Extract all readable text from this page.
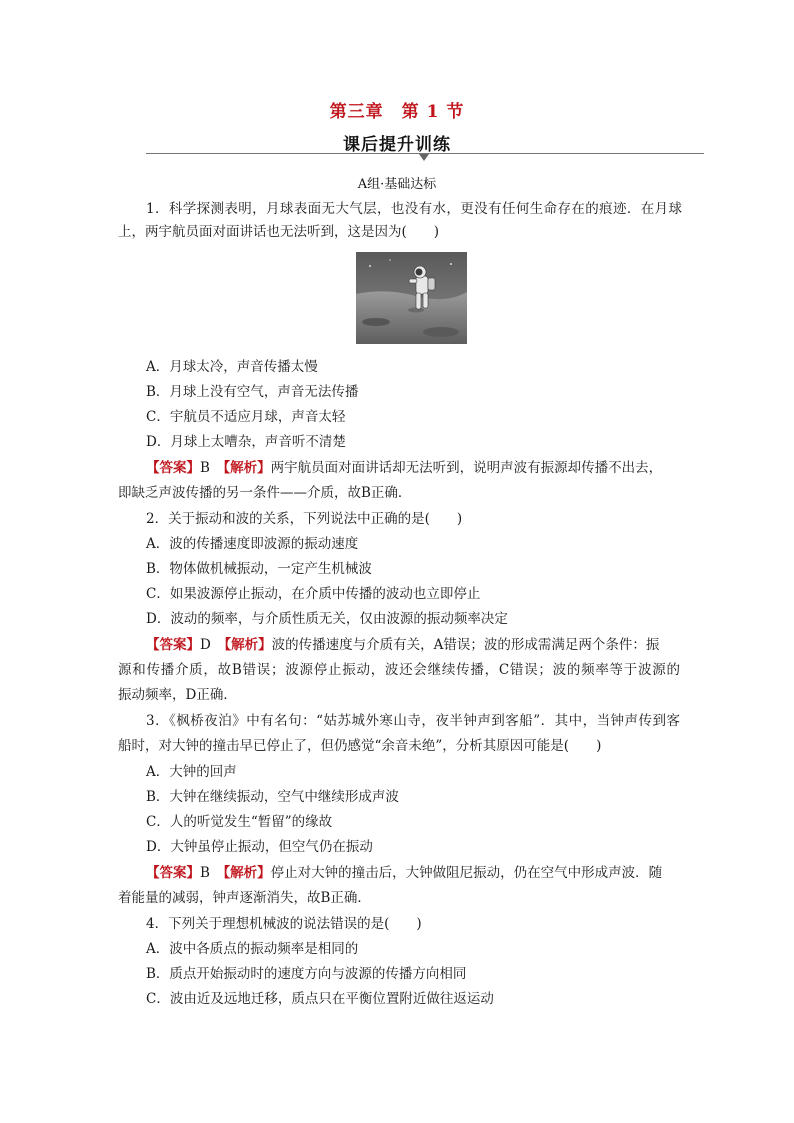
第三章　第 1 节
课后提升训练
A组·基础达标
1．科学探测表明，月球表面无大气层，也没有水，更没有任何生命存在的痕迹．在月球
上，两宇航员面对面讲话也无法听到，这是因为(　　)
A．月球太冷，声音传播太慢
B．月球上没有空气，声音无法传播
C．宇航员不适应月球，声音太轻
D．月球上太嘈杂，声音听不清楚
【答案】B　 【解析】两宇航员面对面讲话却无法听到，说明声波有振源却传播不出去，
即缺乏声波传播的另一条件——介质，故B正确．
2．关于振动和波的关系，下列说法中正确的是(　　)
A．波的传播速度即波源的振动速度
B．物体做机械振动，一定产生机械波
C．如果波源停止振动，在介质中传播的波动也立即停止
D．波动的频率，与介质性质无关，仅由波源的振动频率决定
【答案】D　 【解析】波的传播速度与介质有关，A错误；波的形成需满足两个条件：振
源和传播介质，故B错误；波源停止振动，波还会继续传播，C错误；波的频率等于波源的
振动频率，D正确．
3．《枫桥夜泊》中有名句：“姑苏城外寒山寺，夜半钟声到客船”．其中，当钟声传到客
船时，对大钟的撞击早已停止了，但仍感觉“余音未绝”，分析其原因可能是(　　)
A．大钟的回声
B．大钟在继续振动，空气中继续形成声波
C．人的听觉发生“暂留”的缘故
D．大钟虽停止振动，但空气仍在振动
【答案】B　 【解析】停止对大钟的撞击后，大钟做阻尼振动，仍在空气中形成声波．随
着能量的减弱，钟声逐渐消失，故B正确．
4．下列关于理想机械波的说法错误的是(　　)
A．波中各质点的振动频率是相同的
B．质点开始振动时的速度方向与波源的传播方向相同
C．波由近及远地迁移，质点只在平衡位置附近做往返运动
